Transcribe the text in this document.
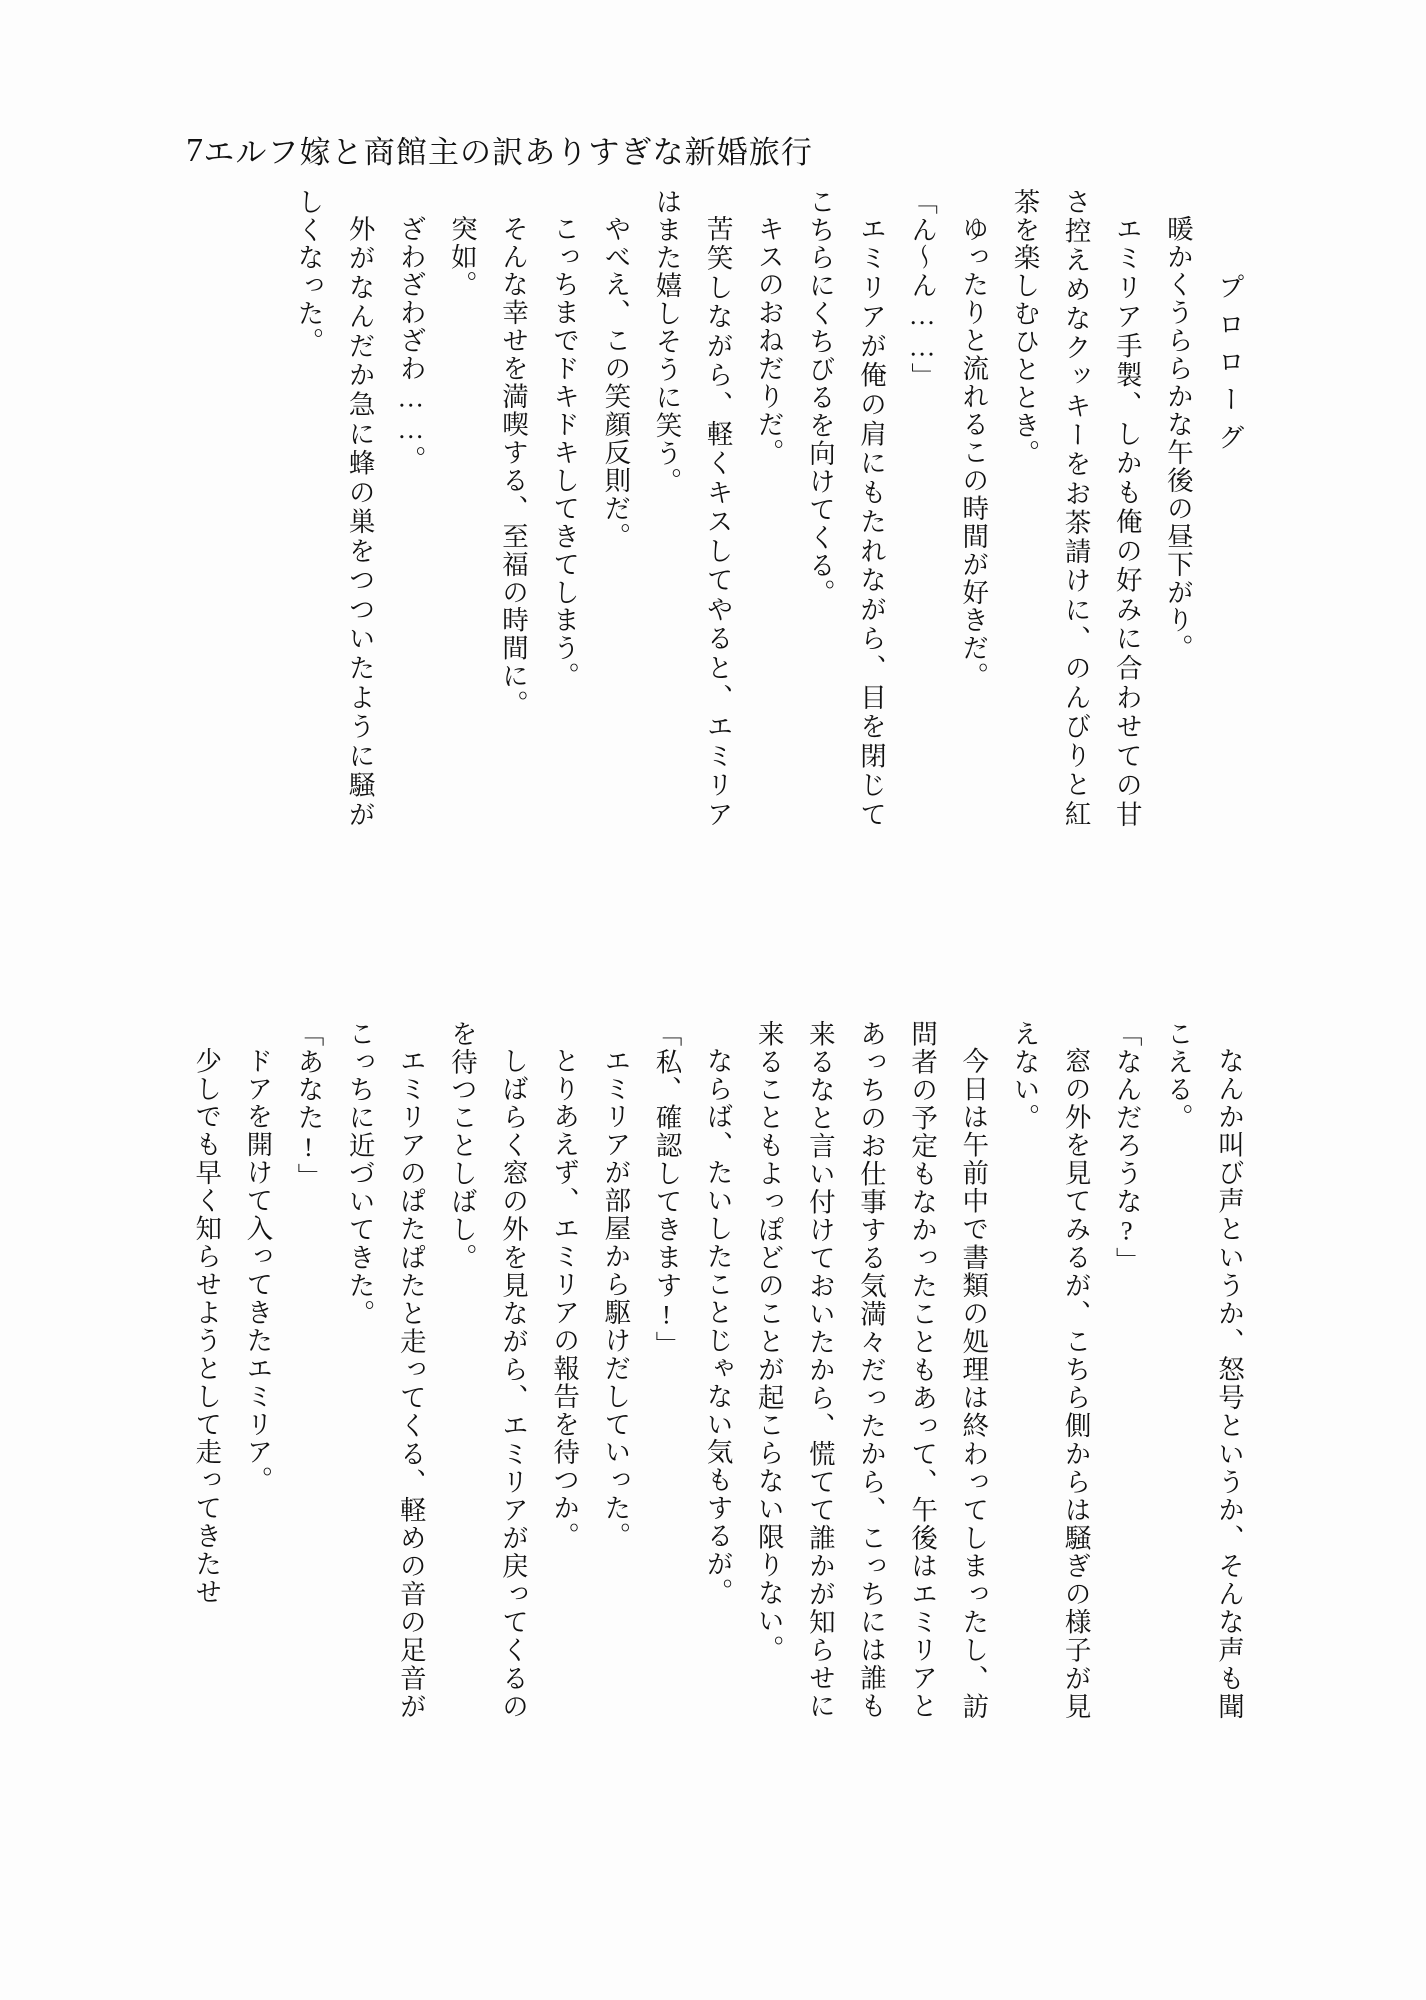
7 エルフ嫁と商館主の訳ありすぎな新婚旅行

プロローグ

暖かくうららかな午後の昼下がり。

エミリア手製、しかも俺の好みに合わせての甘さ控えめなクッキーをお茶請けに、のんびりと紅茶を楽しむひととき。

ゆったりと流れるこの時間が好きだ。

「ん～ん……」

エミリアが俺の肩にもたれながら、目を閉じてこちらにくちびるを向けてくる。

キスのおねだりだ。

苦笑しながら、軽くキスしてやると、エミリアはまた嬉しそうに笑う。

やべえ、この笑顔反則だ。

こっちまでドキドキしてきてしまう。

そんな幸せを満喫する、至福の時間に。

突如。

ざわざわざわ……。

外がなんだか急に蜂の巣をつついたように騒がしくなった。

なんか叫び声というか、怒号というか、そんな声も聞こえる。

「なんだろうな?」

窓の外を見てみるが、こちら側からは騒ぎの様子が見えない。

今日は午前中で書類の処理は終わってしまったし、訪問者の予定もなかったこともあって、午後はエミリアとあっちのお仕事する気満々だったから、こっちには誰も来るなと言い付けておいたから、慌てて誰かが知らせに来ることもよっぽどのことが起こらない限りない。

ならば、たいしたことじゃない気もするが。

「私、確認してきます!」

エミリアが部屋から駆けだしていった。

とりあえず、エミリアの報告を待つか。

しばらく窓の外を見ながら、エミリアが戻ってくるのを待つことしばし。

エミリアのぱたぱたと走ってくる、軽めの音の足音がこっちに近づいてきた。

「あなた!」

ドアを開けて入ってきたエミリア。

少しでも早く知らせようとして走ってきたせ
